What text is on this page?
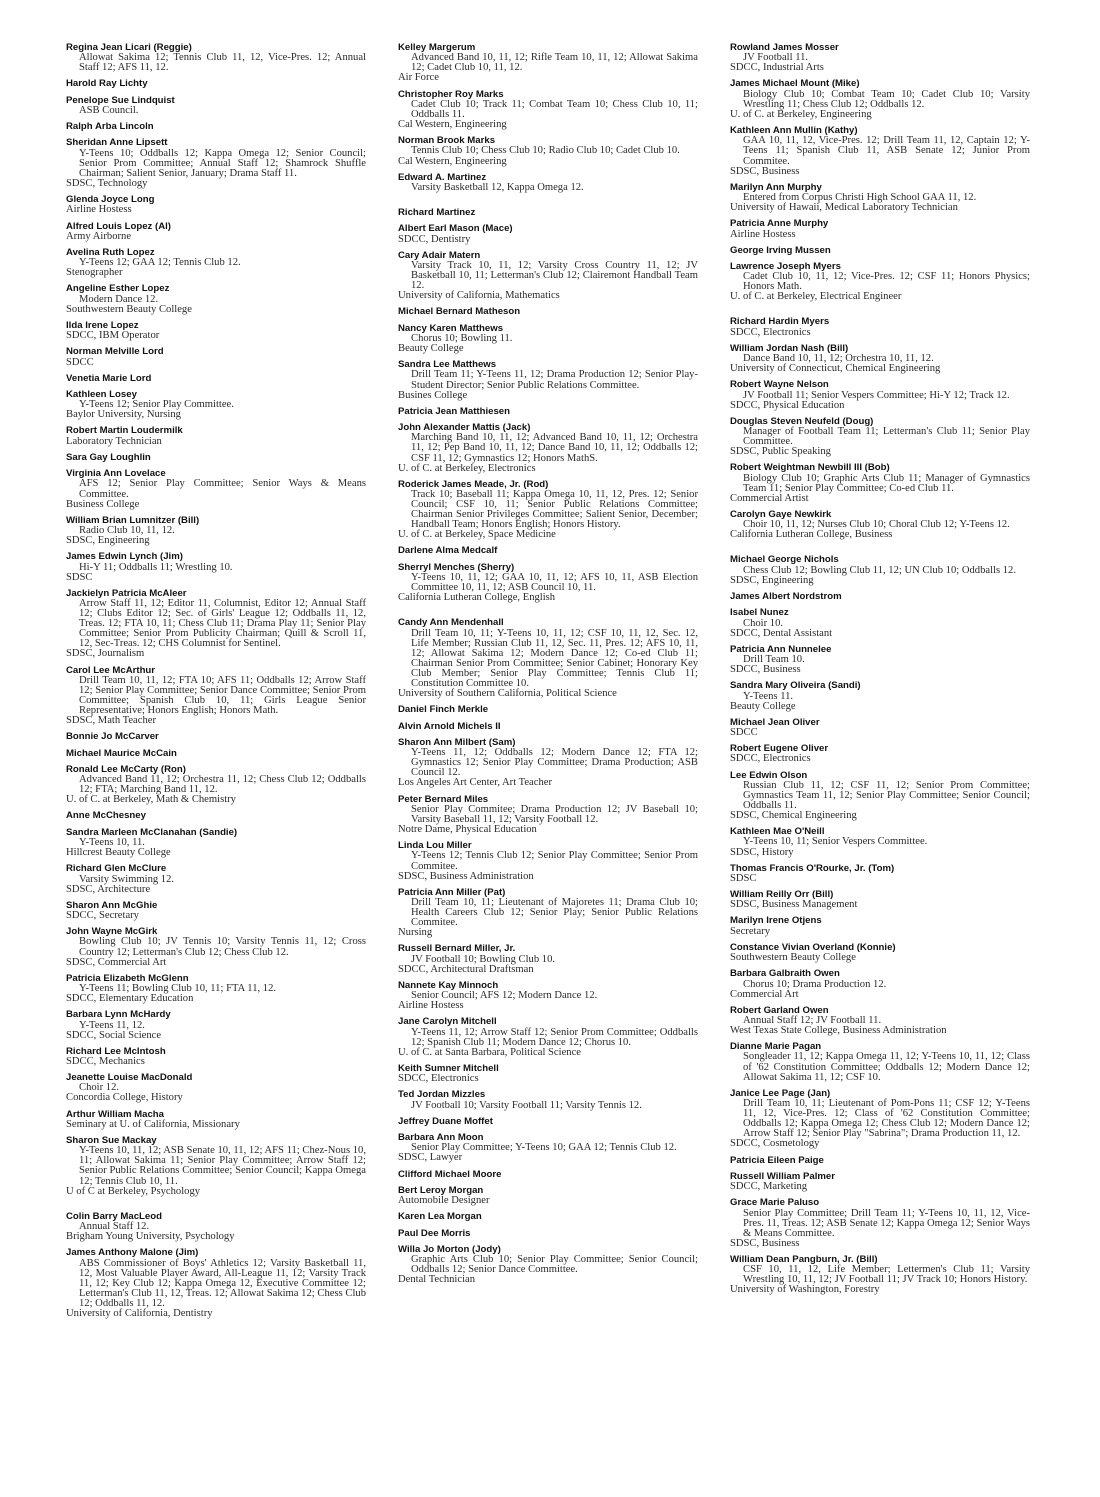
Regina Jean Licari (Reggie)
Allowat Sakima 12; Tennis Club 11, 12, Vice-Pres. 12; Annual Staff 12; AFS 11, 12.
Harold Ray Lichty
Penelope Sue Lindquist
ASB Council.
Ralph Arba Lincoln
Sheridan Anne Lipsett
Y-Teens 10; Oddballs 12; Kappa Omega 12; Senior Council; Senior Prom Committee; Annual Staff 12; Shamrock Shuffle Chairman; Salient Senior, January; Drama Staff 11.
SDSC, Technology
Glenda Joyce Long
Airline Hostess
Alfred Louis Lopez (Al)
Army Airborne
Avelina Ruth Lopez
Y-Teens 12; GAA 12; Tennis Club 12.
Stenographer
Angeline Esther Lopez
Modern Dance 12.
Southwestern Beauty College
Ilda Irene Lopez
SDCC, IBM Operator
Norman Melville Lord
SDCC
Venetia Marie Lord
Kathleen Losey
Y-Teens 12; Senior Play Committee.
Baylor University, Nursing
Robert Martin Loudermilk
Laboratory Technician
Sara Gay Loughlin
Virginia Ann Lovelace
AFS 12; Senior Play Committee; Senior Ways & Means Committee.
Business College
William Brian Lumnitzer (Bill)
Radio Club 10, 11, 12.
SDSC, Engineering
James Edwin Lynch (Jim)
Hi-Y 11; Oddballs 11; Wrestling 10.
SDSC
Jackielyn Patricia McAleer
Arrow Staff 11, 12; Editor 11, Columnist, Editor 12; Annual Staff 12; Clubs Editor 12; Sec. of Girls' League 12; Oddballs 11, 12, Treas. 12; FTA 10, 11; Chess Club 11; Drama Play 11; Senior Play Committee; Senior Prom Publicity Chairman; Quill & Scroll 11, 12, Sec-Treas. 12; CHS Columnist for Sentinel.
SDSC, Journalism
Carol Lee McArthur
Drill Team 10, 11, 12; FTA 10; AFS 11; Oddballs 12; Arrow Staff 12; Senior Play Committee; Senior Dance Committee; Senior Prom Committee; Spanish Club 10, 11; Girls League Senior Representative; Honors English; Honors Math.
SDSC, Math Teacher
Bonnie Jo McCarver
Michael Maurice McCain
Ronald Lee McCarty (Ron)
Advanced Band 11, 12; Orchestra 11, 12; Chess Club 12; Oddballs 12; FTA; Marching Band 11, 12.
U. of C. at Berkeley, Math & Chemistry
Anne McChesney
Sandra Marleen McClanahan (Sandie)
Y-Teens 10, 11.
Hillcrest Beauty College
Richard Glen McClure
Varsity Swimming 12.
SDSC, Architecture
Sharon Ann McGhie
SDCC, Secretary
John Wayne McGirk
Bowling Club 10; JV Tennis 10; Varsity Tennis 11, 12; Cross Country 12; Letterman's Club 12; Chess Club 12.
SDSC, Commercial Art
Patricia Elizabeth McGlenn
Y-Teens 11; Bowling Club 10, 11; FTA 11, 12.
SDCC, Elementary Education
Barbara Lynn McHardy
Y-Teens 11, 12.
SDCC, Social Science
Richard Lee McIntosh
SDCC, Mechanics
Jeanette Louise MacDonald
Choir 12.
Concordia College, History
Arthur William Macha
Seminary at U. of California, Missionary
Sharon Sue Mackay
Y-Teens 10, 11, 12; ASB Senate 10, 11, 12; AFS 11; Chez-Nous 10, 11; Allowat Sakima 11; Senior Play Committee; Arrow Staff 12; Senior Public Relations Committee; Senior Council; Kappa Omega 12; Tennis Club 10, 11.
U of C at Berkeley, Psychology
Colin Barry MacLeod
Annual Staff 12.
Brigham Young University, Psychology
James Anthony Malone (Jim)
ABS Commissioner of Boys' Athletics 12; Varsity Basketball 11, 12, Most Valuable Player Award, All-League 11, 12; Varsity Track 11, 12; Key Club 12; Kappa Omega 12, Executive Committee 12; Letterman's Club 11, 12, Treas. 12; Allowat Sakima 12; Chess Club 12; Oddballs 11, 12.
University of California, Dentistry
Kelley Margerum
Advanced Band 10, 11, 12; Rifle Team 10, 11, 12; Allowat Sakima 12; Cadet Club 10, 11, 12.
Air Force
Christopher Roy Marks
Cadet Club 10; Track 11; Combat Team 10; Chess Club 10, 11; Oddballs 11.
Cal Western, Engineering
Norman Brook Marks
Tennis Club 10; Chess Club 10; Radio Club 10; Cadet Club 10.
Cal Western, Engineering
Edward A. Martinez
Varsity Basketball 12, Kappa Omega 12.
Richard Martinez
Albert Earl Mason (Mace)
SDCC, Dentistry
Cary Adair Matern
Varsity Track 10, 11, 12; Varsity Cross Country 11, 12; JV Basketball 10, 11; Letterman's Club 12; Clairemont Handball Team 12.
University of California, Mathematics
Michael Bernard Matheson
Nancy Karen Matthews
Chorus 10; Bowling 11.
Beauty College
Sandra Lee Matthews
Drill Team 11; Y-Teens 11, 12; Drama Production 12; Senior Play-Student Director; Senior Public Relations Committee.
Busines College
Patricia Jean Matthiesen
John Alexander Mattis (Jack)
Marching Band 10, 11, 12; Advanced Band 10, 11, 12; Orchestra 11, 12; Pep Band 10, 11, 12; Dance Band 10, 11, 12; Oddballs 12; CSF 11, 12; Gymnastics 12; Honors MathS.
U. of C. at Berkeley, Electronics
Roderick James Meade, Jr. (Rod)
Track 10; Baseball 11; Kappa Omega 10, 11, 12, Pres. 12; Senior Council; CSF 10, 11; Senior Public Relations Committee; Chairman Senior Privileges Committee; Salient Senior, December; Handball Team; Honors English; Honors History.
U. of C. at Berkeley, Space Medicine
Darlene Alma Medcalf
Sherryl Menches (Sherry)
Y-Teens 10, 11, 12; GAA 10, 11, 12; AFS 10, 11, ASB Election Committee 10, 11, 12; ASB Council 10, 11.
California Lutheran College, English
Candy Ann Mendenhall
Drill Team 10, 11; Y-Teens 10, 11, 12; CSF 10, 11, 12, Sec. 12, Life Member; Russian Club 11, 12, Sec. 11, Pres. 12; AFS 10, 11, 12; Allowat Sakima 12; Modern Dance 12; Co-ed Club 11; Chairman Senior Prom Committee; Senior Cabinet; Honorary Key Club Member; Senior Play Committee; Tennis Club 11; Constitution Committee 10.
University of Southern California, Political Science
Daniel Finch Merkle
Alvin Arnold Michels II
Sharon Ann Milbert (Sam)
Y-Teens 11, 12; Oddballs 12; Modern Dance 12; FTA 12; Gymnastics 12; Senior Play Committee; Drama Production; ASB Council 12.
Los Angeles Art Center, Art Teacher
Peter Bernard Miles
Senior Play Commitee; Drama Production 12; JV Baseball 10; Varsity Baseball 11, 12; Varsity Football 12.
Notre Dame, Physical Education
Linda Lou Miller
Y-Teens 12; Tennis Club 12; Senior Play Committee; Senior Prom Commitee.
SDSC, Business Administration
Patricia Ann Miller (Pat)
Drill Team 10, 11; Lieutenant of Majoretes 11; Drama Club 10; Health Careers Club 12; Senior Play; Senior Public Relations Commitee.
Nursing
Russell Bernard Miller, Jr.
JV Football 10; Bowling Club 10.
SDCC, Architectural Draftsman
Nannete Kay Minnoch
Senior Council; AFS 12; Modern Dance 12.
Airline Hostess
Jane Carolyn Mitchell
Y-Teens 11, 12; Arrow Staff 12; Senior Prom Committee; Oddballs 12; Spanish Club 11; Modern Dance 12; Chorus 10.
U. of C. at Santa Barbara, Political Science
Keith Sumner Mitchell
SDCC, Electronics
Ted Jordan Mizzles
JV Football 10; Varsity Football 11; Varsity Tennis 12.
Jeffrey Duane Moffet
Barbara Ann Moon
Senior Play Committee; Y-Teens 10; GAA 12; Tennis Club 12.
SDSC, Lawyer
Clifford Michael Moore
Bert Leroy Morgan
Automobile Designer
Karen Lea Morgan
Paul Dee Morris
Willa Jo Morton (Jody)
Graphic Arts Club 10; Senior Play Committee; Senior Council; Oddballs 12; Senior Dance Committee.
Dental Technician
Rowland James Mosser
JV Football 11.
SDCC, Industrial Arts
James Michael Mount (Mike)
Biology Club 10; Combat Team 10; Cadet Club 10; Varsity Wrestling 11; Chess Club 12; Oddballs 12.
U. of C. at Berkeley, Engineering
Kathleen Ann Mullin (Kathy)
GAA 10, 11, 12, Vice-Pres. 12; Drill Team 11, 12, Captain 12; Y-Teens 11; Spanish Club 11, ASB Senate 12; Junior Prom Commitee.
SDSC, Business
Marilyn Ann Murphy
Entered from Corpus Christi High School GAA 11, 12.
University of Hawaii, Medical Laboratory Technician
Patricia Anne Murphy
Airline Hostess
George Irving Mussen
Lawrence Joseph Myers
Cadet Club 10, 11, 12; Vice-Pres. 12; CSF 11; Honors Physics; Honors Math.
U. of C. at Berkeley, Electrical Engineer
Richard Hardin Myers
SDCC, Electronics
William Jordan Nash (Bill)
Dance Band 10, 11, 12; Orchestra 10, 11, 12.
University of Connecticut, Chemical Engineering
Robert Wayne Nelson
JV Football 11; Senior Vespers Committee; Hi-Y 12; Track 12.
SDCC, Physical Education
Douglas Steven Neufeld (Doug)
Manager of Football Team 11; Letterman's Club 11; Senior Play Committee.
SDSC, Public Speaking
Robert Weightman Newbill III (Bob)
Biology Club 10; Graphic Arts Club 11; Manager of Gymnastics Team 11; Senior Play Committee; Co-ed Club 11.
Commercial Artist
Carolyn Gaye Newkirk
Choir 10, 11, 12; Nurses Club 10; Choral Club 12; Y-Teens 12.
California Lutheran College, Business
Michael George Nichols
Chess Club 12; Bowling Club 11, 12; UN Club 10; Oddballs 12.
SDSC, Engineering
James Albert Nordstrom
Isabel Nunez
Choir 10.
SDCC, Dental Assistant
Patricia Ann Nunnelee
Drill Team 10.
SDCC, Business
Sandra Mary Oliveira (Sandi)
Y-Teens 11.
Beauty College
Michael Jean Oliver
SDCC
Robert Eugene Oliver
SDCC, Electronics
Lee Edwin Olson
Russian Club 11, 12; CSF 11, 12; Senior Prom Committee; Gymnastics Team 11, 12; Senior Play Committee; Senior Council; Oddballs 11.
SDSC, Chemical Engineering
Kathleen Mae O'Neill
Y-Teens 10, 11; Senior Vespers Committee.
SDSC, History
Thomas Francis O'Rourke, Jr. (Tom)
SDSC
William Reilly Orr (Bill)
SDSC, Business Management
Marilyn Irene Otjens
Secretary
Constance Vivian Overland (Konnie)
Southwestern Beauty College
Barbara Galbraith Owen
Chorus 10; Drama Production 12.
Commercial Art
Robert Garland Owen
Annual Staff 12; JV Football 11.
West Texas State College, Business Administration
Dianne Marie Pagan
Songleader 11, 12; Kappa Omega 11, 12; Y-Teens 10, 11, 12; Class of '62 Constitution Committee; Oddballs 12; Modern Dance 12; Allowat Sakima 11, 12; CSF 10.
Janice Lee Page (Jan)
Drill Team 10, 11; Lieutenant of Pom-Pons 11; CSF 12; Y-Teens 11, 12, Vice-Pres. 12; Class of '62 Constitution Committee; Oddballs 12; Kappa Omega 12; Chess Club 12; Modern Dance 12; Arrow Staff 12; Senior Play "Sabrina"; Drama Production 11, 12.
SDCC, Cosmetology
Patricia Eileen Paige
Russell William Palmer
SDCC, Marketing
Grace Marie Paluso
Senior Play Committee; Drill Team 11; Y-Teens 10, 11, 12, Vice-Pres. 11, Treas. 12; ASB Senate 12; Kappa Omega 12; Senior Ways & Means Committee.
SDSC, Business
William Dean Pangburn, Jr. (Bill)
CSF 10, 11, 12, Life Member; Lettermen's Club 11; Varsity Wrestling 10, 11, 12; JV Football 11; JV Track 10; Honors History.
University of Washington, Forestry
